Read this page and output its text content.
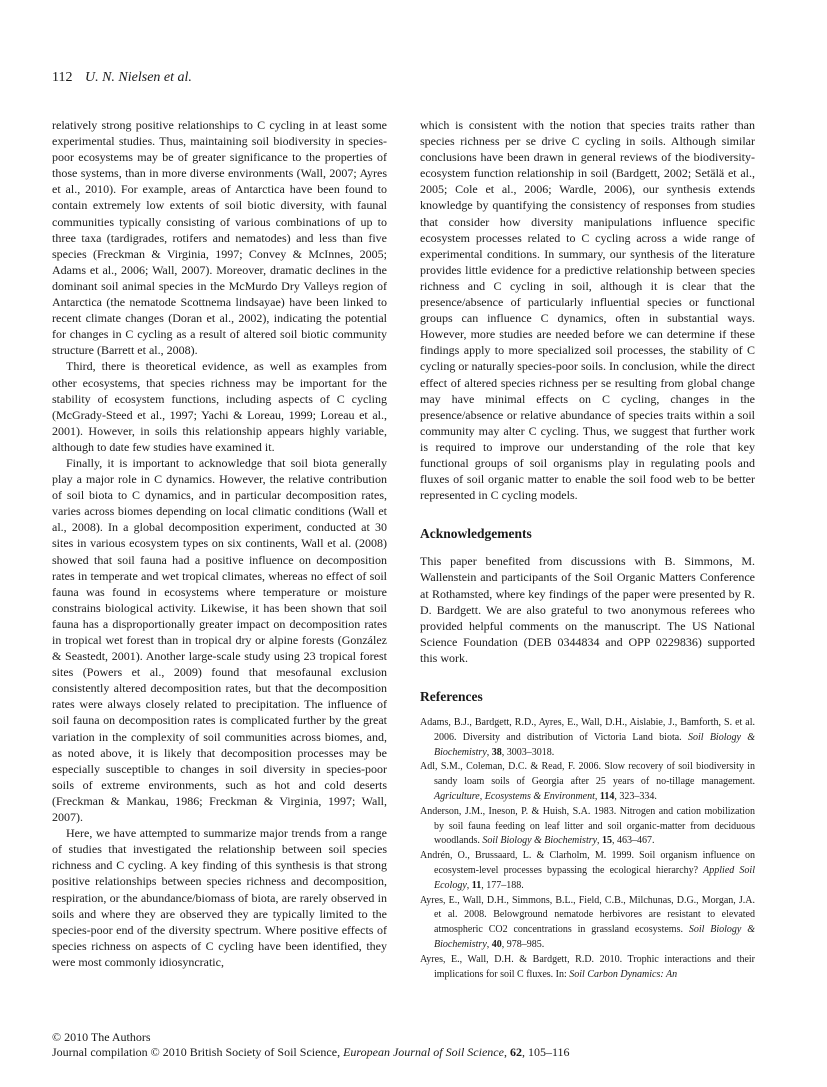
112 U. N. Nielsen et al.

relatively strong positive relationships to C cycling in at least some experimental studies. Thus, maintaining soil biodiversity in species-poor ecosystems may be of greater significance to the properties of those systems, than in more diverse environments (Wall, 2007; Ayres et al., 2010). For example, areas of Antarctica have been found to contain extremely low extents of soil biotic diversity, with faunal communities typically consisting of various combinations of up to three taxa (tardigrades, rotifers and nematodes) and less than five species (Freckman & Virginia, 1997; Convey & McInnes, 2005; Adams et al., 2006; Wall, 2007). Moreover, dramatic declines in the dominant soil animal species in the McMurdo Dry Valleys region of Antarctica (the nematode Scottnema lindsayae) have been linked to recent climate changes (Doran et al., 2002), indicating the potential for changes in C cycling as a result of altered soil biotic community structure (Barrett et al., 2008).

Third, there is theoretical evidence, as well as examples from other ecosystems, that species richness may be important for the stability of ecosystem functions, including aspects of C cycling (McGrady-Steed et al., 1997; Yachi & Loreau, 1999; Loreau et al., 2001). However, in soils this relationship appears highly variable, although to date few studies have examined it.

Finally, it is important to acknowledge that soil biota generally play a major role in C dynamics. However, the relative contribution of soil biota to C dynamics, and in particular decomposition rates, varies across biomes depending on local climatic conditions (Wall et al., 2008). In a global decomposition experiment, conducted at 30 sites in various ecosystem types on six continents, Wall et al. (2008) showed that soil fauna had a positive influence on decomposition rates in temperate and wet tropical climates, whereas no effect of soil fauna was found in ecosystems where temperature or moisture constrains biological activity. Likewise, it has been shown that soil fauna has a disproportionally greater impact on decomposition rates in tropical wet forest than in tropical dry or alpine forests (González & Seastedt, 2001). Another large-scale study using 23 tropical forest sites (Powers et al., 2009) found that mesofaunal exclusion consistently altered decomposition rates, but that the decomposition rates were always closely related to precipitation. The influence of soil fauna on decomposition rates is complicated further by the great variation in the complexity of soil communities across biomes, and, as noted above, it is likely that decomposition processes may be especially susceptible to changes in soil diversity in species-poor soils of extreme environments, such as hot and cold deserts (Freckman & Mankau, 1986; Freckman & Virginia, 1997; Wall, 2007).

Here, we have attempted to summarize major trends from a range of studies that investigated the relationship between soil species richness and C cycling. A key finding of this synthesis is that strong positive relationships between species richness and decomposition, respiration, or the abundance/biomass of biota, are rarely observed in soils and where they are observed they are typically limited to the species-poor end of the diversity spectrum. Where positive effects of species richness on aspects of C cycling have been identified, they were most commonly idiosyncratic,

which is consistent with the notion that species traits rather than species richness per se drive C cycling in soils. Although similar conclusions have been drawn in general reviews of the biodiversity-ecosystem function relationship in soil (Bardgett, 2002; Setälä et al., 2005; Cole et al., 2006; Wardle, 2006), our synthesis extends knowledge by quantifying the consistency of responses from studies that consider how diversity manipulations influence specific ecosystem processes related to C cycling across a wide range of experimental conditions. In summary, our synthesis of the literature provides little evidence for a predictive relationship between species richness and C cycling in soil, although it is clear that the presence/absence of particularly influential species or functional groups can influence C dynamics, often in substantial ways. However, more studies are needed before we can determine if these findings apply to more specialized soil processes, the stability of C cycling or naturally species-poor soils. In conclusion, while the direct effect of altered species richness per se resulting from global change may have minimal effects on C cycling, changes in the presence/absence or relative abundance of species traits within a soil community may alter C cycling. Thus, we suggest that further work is required to improve our understanding of the role that key functional groups of soil organisms play in regulating pools and fluxes of soil organic matter to enable the soil food web to be better represented in C cycling models.

Acknowledgements

This paper benefited from discussions with B. Simmons, M. Wallenstein and participants of the Soil Organic Matters Conference at Rothamsted, where key findings of the paper were presented by R. D. Bardgett. We are also grateful to two anonymous referees who provided helpful comments on the manuscript. The US National Science Foundation (DEB 0344834 and OPP 0229836) supported this work.

References

Adams, B.J., Bardgett, R.D., Ayres, E., Wall, D.H., Aislabie, J., Bamforth, S. et al. 2006. Diversity and distribution of Victoria Land biota. Soil Biology & Biochemistry, 38, 3003–3018.

Adl, S.M., Coleman, D.C. & Read, F. 2006. Slow recovery of soil biodiversity in sandy loam soils of Georgia after 25 years of no-tillage management. Agriculture, Ecosystems & Environment, 114, 323–334.

Anderson, J.M., Ineson, P. & Huish, S.A. 1983. Nitrogen and cation mobilization by soil fauna feeding on leaf litter and soil organic-matter from deciduous woodlands. Soil Biology & Biochemistry, 15, 463–467.

Andrén, O., Brussaard, L. & Clarholm, M. 1999. Soil organism influence on ecosystem-level processes bypassing the ecological hierarchy? Applied Soil Ecology, 11, 177–188.

Ayres, E., Wall, D.H., Simmons, B.L., Field, C.B., Milchunas, D.G., Morgan, J.A. et al. 2008. Belowground nematode herbivores are resistant to elevated atmospheric CO2 concentrations in grassland ecosystems. Soil Biology & Biochemistry, 40, 978–985.

Ayres, E., Wall, D.H. & Bardgett, R.D. 2010. Trophic interactions and their implications for soil C fluxes. In: Soil Carbon Dynamics: An

© 2010 The Authors
Journal compilation © 2010 British Society of Soil Science, European Journal of Soil Science, 62, 105–116
